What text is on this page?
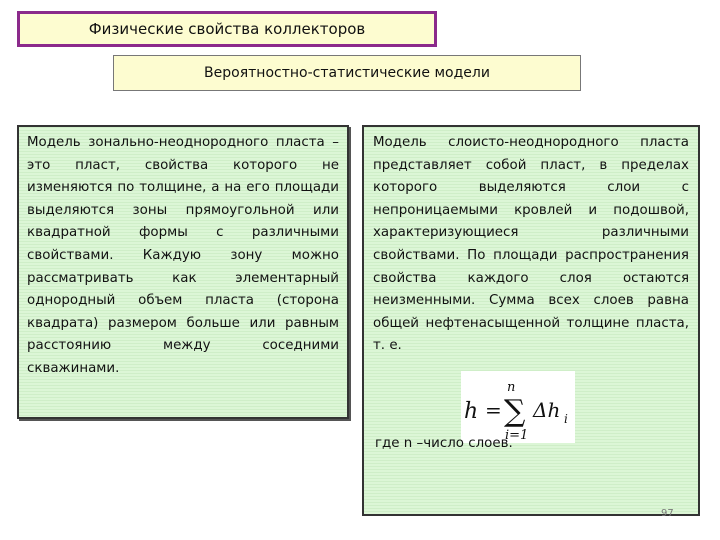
Физические свойства коллекторов
Вероятностно-статистические модели

Модель зонально-неоднородного пласта – это пласт, свойства которого не изменяются по толщине, а на его площади выделяются зоны прямоугольной или квадратной формы с различными свойствами. Каждую зону можно рассматривать как элементарный однородный объем пласта (сторона квадрата) размером больше или равным расстоянию между соседними скважинами.

Модель слоисто-неоднородного пласта представляет собой пласт, в пределах которого выделяются слои с непроницаемыми кровлей и подошвой, характеризующиеся различными свойствами. По площади распространения свойства каждого слоя остаются неизменными. Сумма всех слоев равна общей нефтенасыщенной толщине пласта, т. е.

h =
n
∑
i=1
Δh i
где n –число слоев.
97
